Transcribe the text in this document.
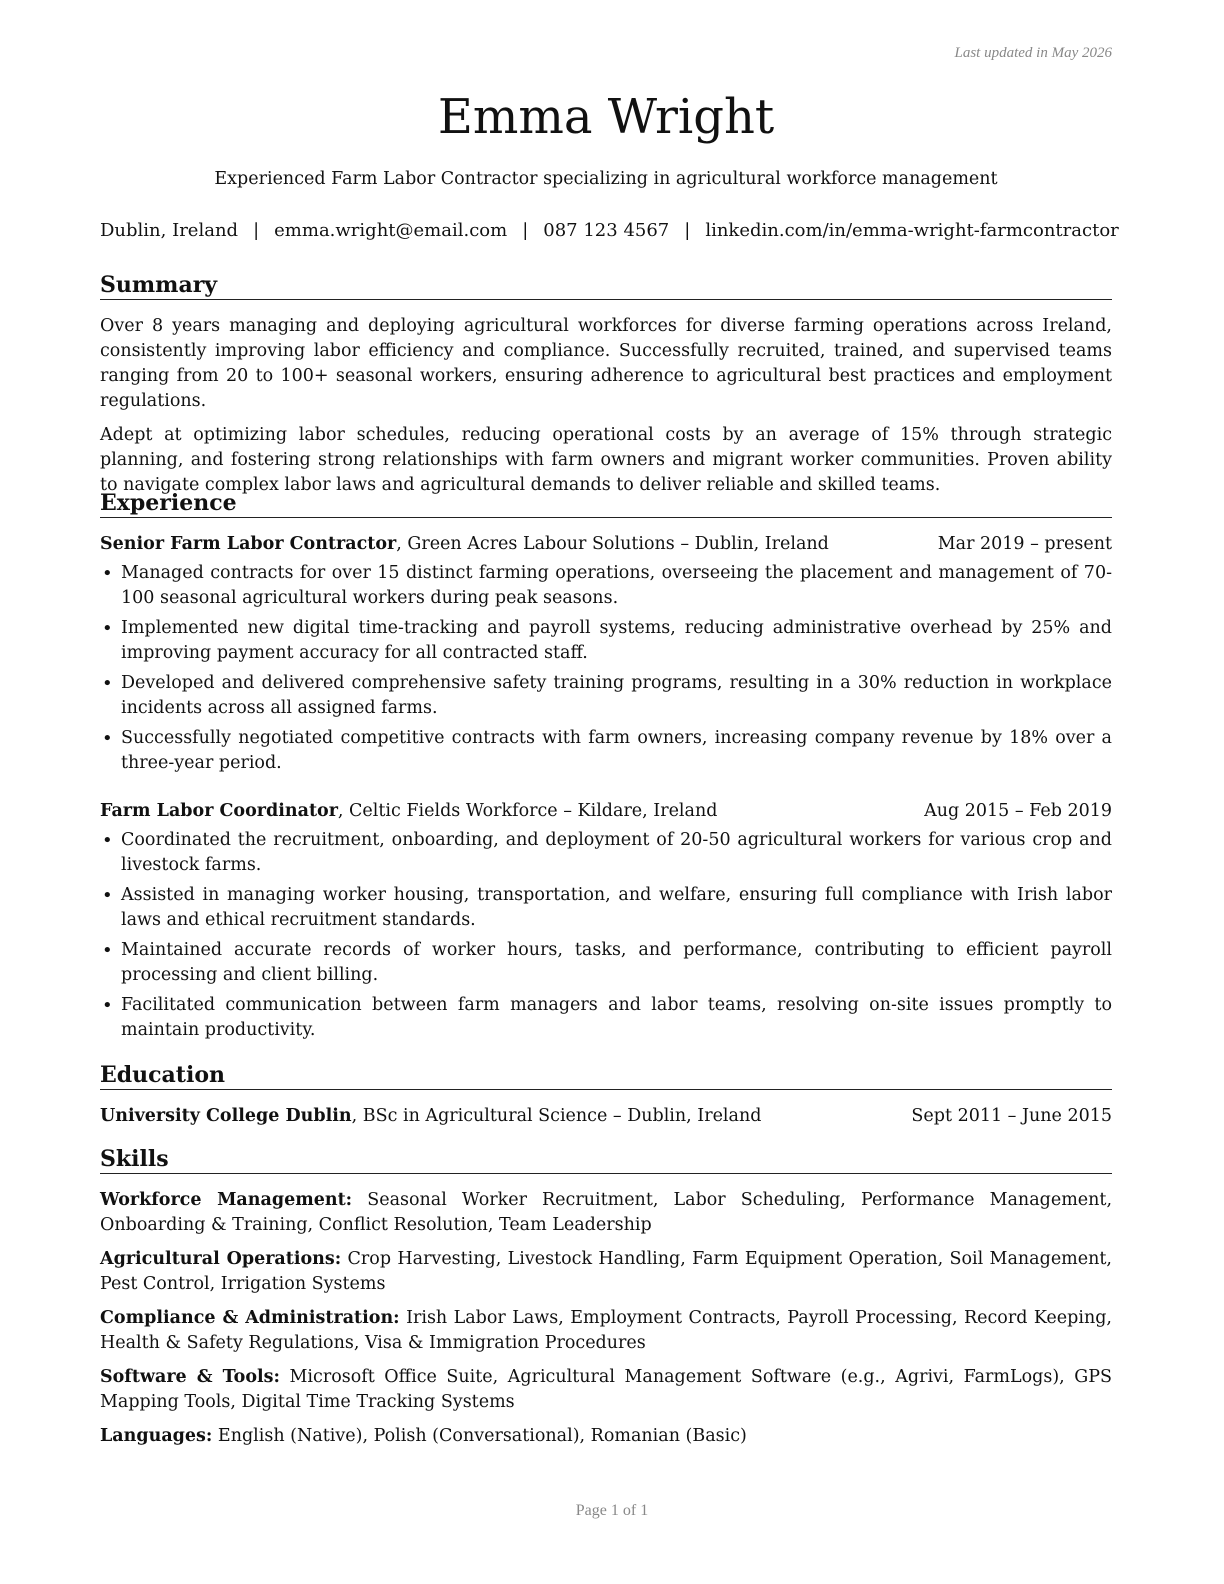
Last updated in May 2026
Emma Wright
Experienced Farm Labor Contractor specializing in agricultural workforce management
Dublin, Ireland | emma.wright@email.com | 087 123 4567 | linkedin.com/in/emma-wright-farmcontractor
Summary

Over 8 years managing and deploying agricultural workforces for diverse farming operations across Ireland, consistently improving labor efficiency and compliance. Successfully recruited, trained, and supervised teams ranging from 20 to 100+ seasonal workers, ensuring adherence to agricultural best practices and employment regulations.

Adept at optimizing labor schedules, reducing operational costs by an average of 15% through strategic planning, and fostering strong relationships with farm owners and migrant worker communities. Proven ability to navigate complex labor laws and agricultural demands to deliver reliable and skilled teams.

Experience
Senior Farm Labor Contractor, Green Acres Labour Solutions – Dublin, Ireland	Mar 2019 – present
• Managed contracts for over 15 distinct farming operations, overseeing the placement and management of 70-100 seasonal agricultural workers during peak seasons.
• Implemented new digital time-tracking and payroll systems, reducing administrative overhead by 25% and improving payment accuracy for all contracted staff.
• Developed and delivered comprehensive safety training programs, resulting in a 30% reduction in workplace incidents across all assigned farms.
• Successfully negotiated competitive contracts with farm owners, increasing company revenue by 18% over a three-year period.
Farm Labor Coordinator, Celtic Fields Workforce – Kildare, Ireland	Aug 2015 – Feb 2019
• Coordinated the recruitment, onboarding, and deployment of 20-50 agricultural workers for various crop and livestock farms.
• Assisted in managing worker housing, transportation, and welfare, ensuring full compliance with Irish labor laws and ethical recruitment standards.
• Maintained accurate records of worker hours, tasks, and performance, contributing to efficient payroll processing and client billing.
• Facilitated communication between farm managers and labor teams, resolving on-site issues promptly to maintain productivity.
Education
University College Dublin, BSc in Agricultural Science – Dublin, Ireland	Sept 2011 – June 2015
Skills

Workforce Management: Seasonal Worker Recruitment, Labor Scheduling, Performance Management, Onboarding & Training, Conflict Resolution, Team Leadership

Agricultural Operations: Crop Harvesting, Livestock Handling, Farm Equipment Operation, Soil Management, Pest Control, Irrigation Systems

Compliance & Administration: Irish Labor Laws, Employment Contracts, Payroll Processing, Record Keeping, Health & Safety Regulations, Visa & Immigration Procedures

Software & Tools: Microsoft Office Suite, Agricultural Management Software (e.g., Agrivi, FarmLogs), GPS Mapping Tools, Digital Time Tracking Systems

Languages: English (Native), Polish (Conversational), Romanian (Basic)

Page 1 of 1
